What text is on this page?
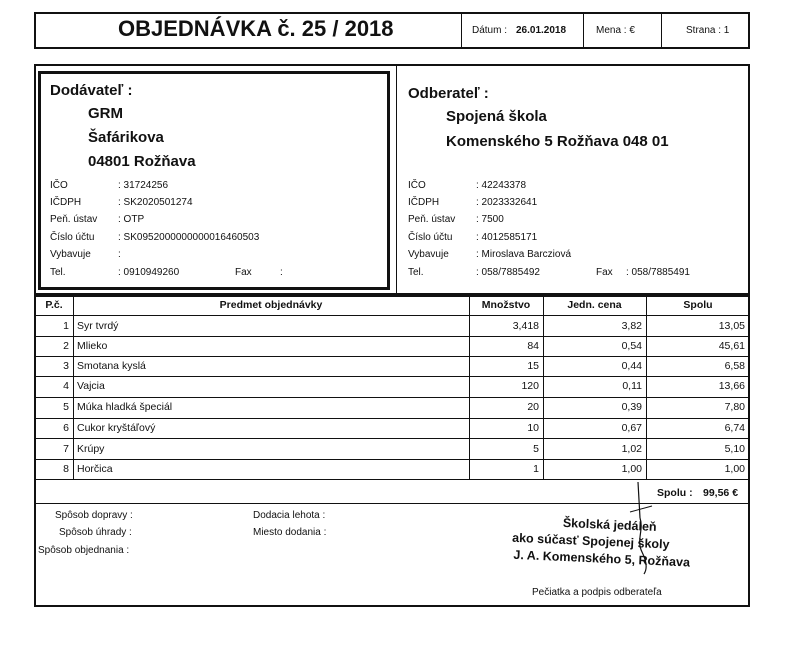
OBJEDNÁVKA č. 25 / 2018	Dátum : 26.01.2018	Mena : €	Strana : 1
Dodávateľ :
GRM
Šafárikova
04801 Rožňava
IČO	: 31724256
IČDPH	: SK2020501274
Peň. ústav : OTP
Číslo účtu : SK0952000000000016460503
Vybavuje	:
Tel.	: 0910949260	Fax	:
Odberateľ :
Spojená škola
Komenského 5 Rožňava 048 01
IČO	: 42243378
IČDPH	: 2023332641
Peň. ústav : 7500
Číslo účtu : 4012585171
Vybavuje	: Miroslava Barcziová
Tel.	: 058/7885492	Fax : 058/7885491
P.č.	Predmet objednávky	Množstvo	Jedn. cena	Spolu
1 Syr tvrdý	3,418	3,82	13,05
2 Mlieko	84	0,54	45,61
3 Smotana kyslá	15	0,44	6,58
4 Vajcia	120	0,11	13,66
5 Múka hladká špeciál	20	0,39	7,80
6 Cukor kryštáľový	10	0,67	6,74
7 Krúpy	5	1,02	5,10
8 Horčica	1	1,00	1,00
Spolu : 99,56 €
Spôsob dopravy :
Spôsob úhrady :
Spôsob objednania :
Dodacia lehota :
Miesto dodania :	Školská jedáleň
ako súčasť Spojenej školy
J. A. Komenského 5, Rožňava
Pečiatka a podpis odberateľa
